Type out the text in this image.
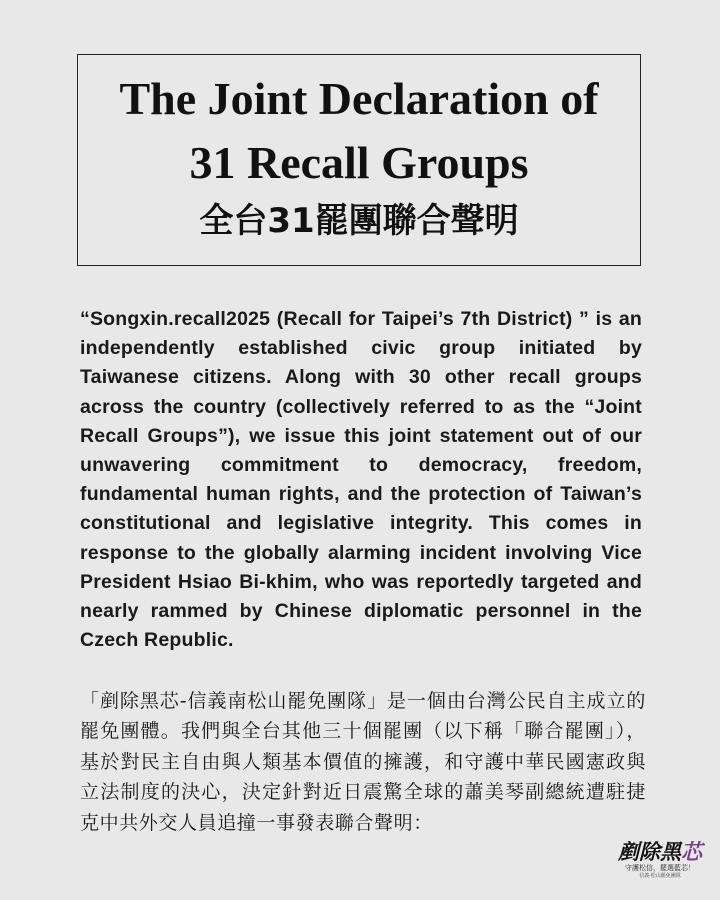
The Joint Declaration of

31 Recall Groups

全台31罷團聯合聲明

“Songxin.recall2025 (Recall for Taipei’s 7th District) ” is an independently established civic group initiated by Taiwanese citizens. Along with 30 other recall groups across the country (collectively referred to as the “Joint Recall Groups”), we issue this joint statement out of our unwavering commitment to democracy, freedom, fundamental human rights, and the protection of Taiwan’s constitutional and legislative integrity. This comes in response to the globally alarming incident involving Vice President Hsiao Bi-khim, who was reportedly targeted and nearly rammed by Chinese diplomatic personnel in the Czech Republic.

「剷除黑芯-信義南松山罷免團隊」是一個由台灣公民自主成立的罷免團體。我們與全台其他三十個罷團（以下稱「聯合罷團」），基於對民主自由與人類基本價值的擁護，和守護中華民國憲政與立法制度的決心，決定針對近日震驚全球的蕭美琴副總統遭駐捷克中共外交人員追撞一事發表聯合聲明：

剷除黑芯
守護松信，罷選藍芯！
信義·松山罷免團隊
